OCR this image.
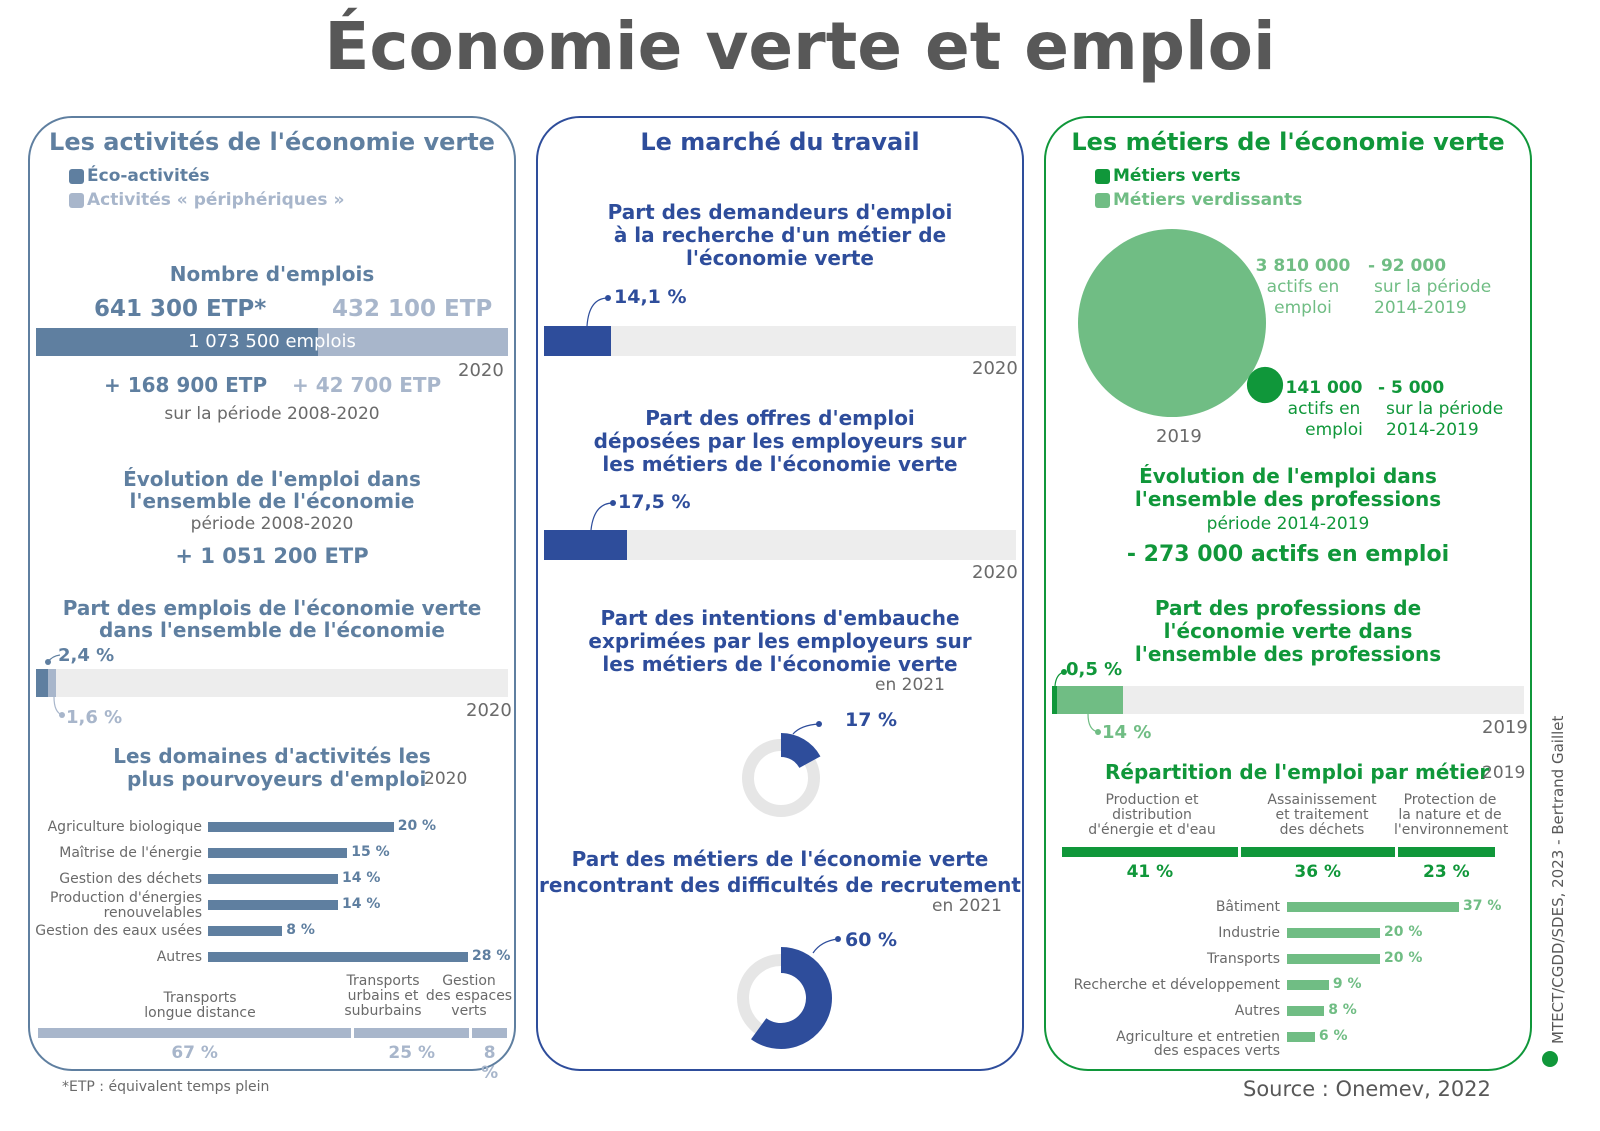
Économie verte et emploi
Les activités de l'économie verte
Éco-activités
Activités « périphériques »
Nombre d'emplois
641 300 ETP*	432 100 ETP
1 073 500 emplois
2020
+ 168 900 ETP + 42 700 ETP
sur la période 2008-2020
Évolution de l'emploi dans
l'ensemble de l'économie
période 2008-2020
+ 1 051 200 ETP
Part des emplois de l'économie verte
dans l'ensemble de l'économie
2,4 %
1,6 %	2020
Les domaines d'activités les
plus pourvoyeurs d'emploi
2020
Agriculture biologique	20 %
Maîtrise de l'énergie	15 %
Gestion des déchets	14 %
Production d'énergies
renouvelables
14 %
Gestion des eaux usées	8 %
Autres	28 %
Transports
longue distance
Transports
urbains et
suburbains
Gestion
des espaces
verts
67 %	25 %	8 %
Le marché du travail
Part des demandeurs d'emploi
à la recherche d'un métier de
l'économie verte
14,1 %
2020
Part des offres d'emploi
déposées par les employeurs sur
les métiers de l'économie verte
17,5 %
2020
Part des intentions d'embauche
exprimées par les employeurs sur
les métiers de l'économie verte
en 2021
17 %
Part des métiers de l'économie verte
rencontrant des difficultés de recrutement
en 2021
60 %
Les métiers de l'économie verte
Métiers verts
Métiers verdissants
2019
3 810 000
actifs en
emploi
- 92 000
sur la période
2014-2019
141 000
actifs en
emploi
- 5 000
sur la période
2014-2019
Évolution de l'emploi dans
l'ensemble des professions
période 2014-2019
- 273 000 actifs en emploi
Part des professions de
l'économie verte dans
l'ensemble des professions
0,5 %
14 %	2019
Répartition de l'emploi par métier
2019
Production et
distribution
d'énergie et d'eau
Assainissement
et traitement
des déchets
Protection de
la nature et de
l'environnement
41 %	36 %	23 %
Bâtiment	37 %
Industrie	20 %
Transports	20 %
Recherche et développement	9 %
Autres	8 %
Agriculture et entretien
des espaces verts
6 %
*ETP : équivalent temps plein	Source : Onemev, 2022
MTECT/CGDD/SDES, 2023 - Bertrand Gaillet
